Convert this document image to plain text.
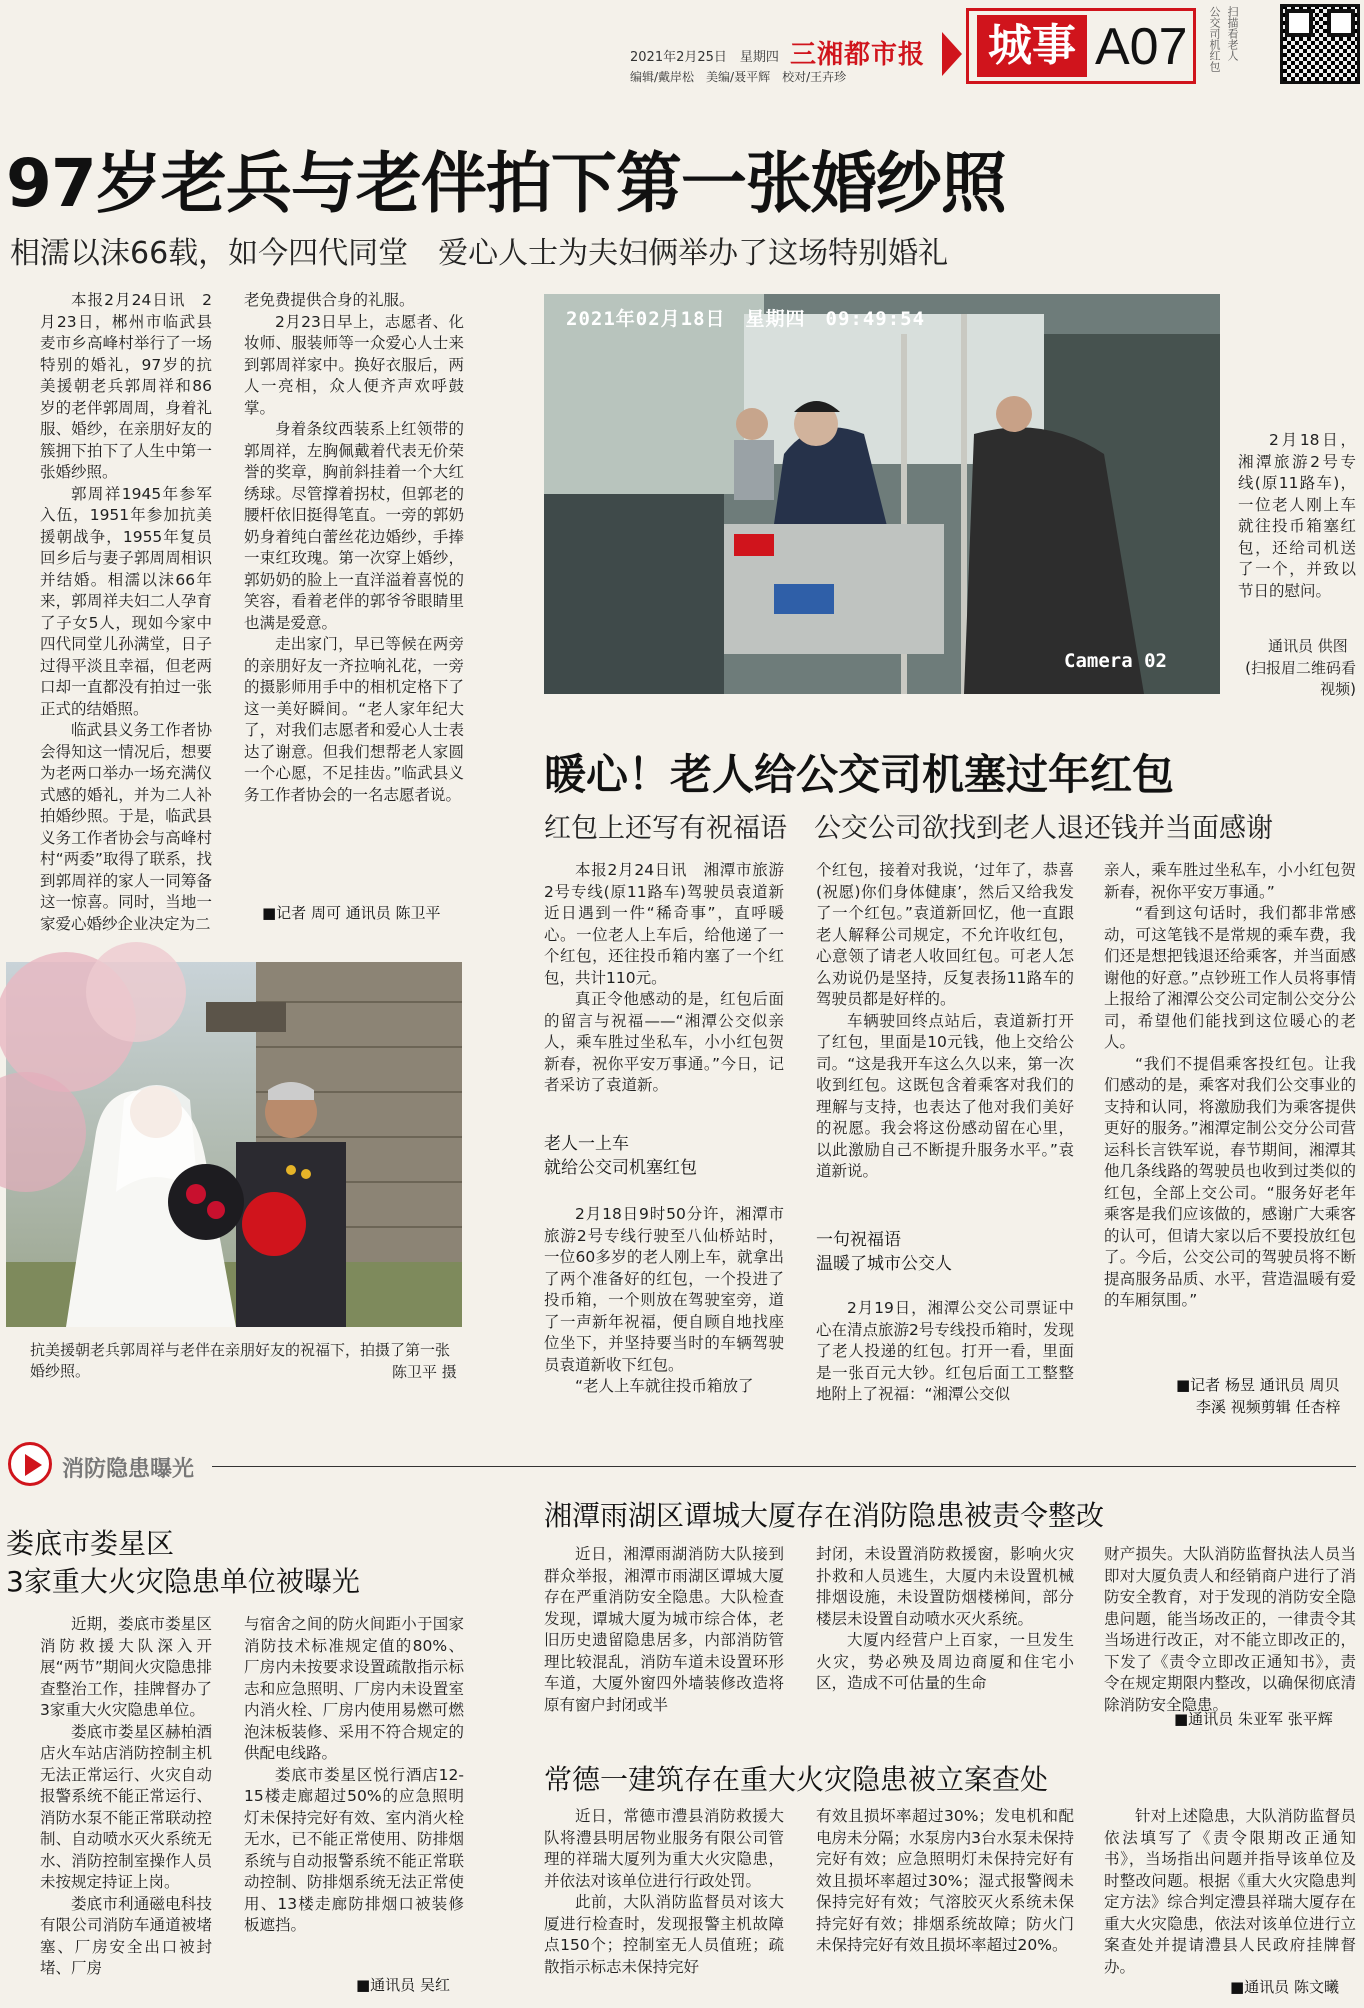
2021年2月25日　星期四
编辑/戴岸松　美编/聂平辉　校对/王卉珍
三湘都市报 城事 A07 公交司机红包 扫描看老人
97岁老兵与老伴拍下第一张婚纱照
相濡以沫66载，如今四代同堂　爱心人士为夫妇俩举办了这场特别婚礼

本报2月24日讯　2月23日，郴州市临武县麦市乡高峰村举行了一场特别的婚礼，97岁的抗美援朝老兵郭周祥和86岁的老伴郭周周，身着礼服、婚纱，在亲朋好友的簇拥下拍下了人生中第一张婚纱照。

郭周祥1945年参军入伍，1951年参加抗美援朝战争，1955年复员回乡后与妻子郭周周相识并结婚。相濡以沫66年来，郭周祥夫妇二人孕育了子女5人，现如今家中四代同堂儿孙满堂，日子过得平淡且幸福，但老两口却一直都没有拍过一张正式的结婚照。

临武县义务工作者协会得知这一情况后，想要为老两口举办一场充满仪式感的婚礼，并为二人补拍婚纱照。于是，临武县义务工作者协会与高峰村村“两委”取得了联系，找到郭周祥的家人一同筹备这一惊喜。同时，当地一家爱心婚纱企业决定为二

老免费提供合身的礼服。

2月23日早上，志愿者、化妆师、服装师等一众爱心人士来到郭周祥家中。换好衣服后，两人一亮相，众人便齐声欢呼鼓掌。

身着条纹西装系上红领带的郭周祥，左胸佩戴着代表无价荣誉的奖章，胸前斜挂着一个大红绣球。尽管撑着拐杖，但郭老的腰杆依旧挺得笔直。一旁的郭奶奶身着纯白蕾丝花边婚纱，手捧一束红玫瑰。第一次穿上婚纱，郭奶奶的脸上一直洋溢着喜悦的笑容，看着老伴的郭爷爷眼睛里也满是爱意。

走出家门，早已等候在两旁的亲朋好友一齐拉响礼花，一旁的摄影师用手中的相机定格下了这一美好瞬间。“老人家年纪大了，对我们志愿者和爱心人士表达了谢意。但我们想帮老人家圆一个心愿，不足挂齿。”临武县义务工作者协会的一名志愿者说。

■记者 周可 通讯员 陈卫平
抗美援朝老兵郭周祥与老伴在亲朋好友的祝福下，拍摄了第一张婚纱照。	陈卫平 摄
2021年02月18日　星期四　09:49:54
Camera 02
2月18日，湘潭旅游2号专线(原11路车)，一位老人刚上车就往投币箱塞红包，还给司机送了一个，并致以节日的慰问。
通讯员 供图
(扫报眉二维码看视频)
暖心！老人给公交司机塞过年红包
红包上还写有祝福语　公交公司欲找到老人退还钱并当面感谢

本报2月24日讯　湘潭市旅游2号专线(原11路车)驾驶员袁道新近日遇到一件“稀奇事”，直呼暖心。一位老人上车后，给他递了一个红包，还往投币箱内塞了一个红包，共计110元。

真正令他感动的是，红包后面的留言与祝福——“湘潭公交似亲人，乘车胜过坐私车，小小红包贺新春，祝你平安万事通。”今日，记者采访了袁道新。

老人一上车
就给公交司机塞红包

2月18日9时50分许，湘潭市旅游2号专线行驶至八仙桥站时，一位60多岁的老人刚上车，就拿出了两个准备好的红包，一个投进了投币箱，一个则放在驾驶室旁，道了一声新年祝福，便自顾自地找座位坐下，并坚持要当时的车辆驾驶员袁道新收下红包。

“老人上车就往投币箱放了

个红包，接着对我说，‘过年了，恭喜(祝愿)你们身体健康’，然后又给我发了一个红包。”袁道新回忆，他一直跟老人解释公司规定，不允许收红包，心意领了请老人收回红包。可老人怎么劝说仍是坚持，反复表扬11路车的驾驶员都是好样的。

车辆驶回终点站后，袁道新打开了红包，里面是10元钱，他上交给公司。“这是我开车这么久以来，第一次收到红包。这既包含着乘客对我们的理解与支持，也表达了他对我们美好的祝愿。我会将这份感动留在心里，以此激励自己不断提升服务水平。”袁道新说。

一句祝福语
温暖了城市公交人

2月19日，湘潭公交公司票证中心在清点旅游2号专线投币箱时，发现了老人投递的红包。打开一看，里面是一张百元大钞。红包后面工工整整地附上了祝福：“湘潭公交似

亲人，乘车胜过坐私车，小小红包贺新春，祝你平安万事通。”

“看到这句话时，我们都非常感动，可这笔钱不是常规的乘车费，我们还是想把钱退还给乘客，并当面感谢他的好意。”点钞班工作人员将事情上报给了湘潭公交公司定制公交分公司，希望他们能找到这位暖心的老人。

“我们不提倡乘客投红包。让我们感动的是，乘客对我们公交事业的支持和认同，将激励我们为乘客提供更好的服务。”湘潭定制公交分公司营运科长言铁军说，春节期间，湘潭其他几条线路的驾驶员也收到过类似的红包，全部上交公司。“服务好老年乘客是我们应该做的，感谢广大乘客的认可，但请大家以后不要投放红包了。今后，公交公司的驾驶员将不断提高服务品质、水平，营造温暖有爱的车厢氛围。”

■记者 杨昱 通讯员 周贝
李溪 视频剪辑 任杏梓
消防隐患曝光
娄底市娄星区
3家重大火灾隐患单位被曝光

近期，娄底市娄星区消防救援大队深入开展“两节”期间火灾隐患排查整治工作，挂牌督办了3家重大火灾隐患单位。

娄底市娄星区赫柏酒店火车站店消防控制主机无法正常运行、火灾自动报警系统不能正常运行、消防水泵不能正常联动控制、自动喷水灭火系统无水、消防控制室操作人员未按规定持证上岗。

娄底市利通磁电科技有限公司消防车通道被堵塞、厂房安全出口被封堵、厂房

与宿舍之间的防火间距小于国家消防技术标准规定值的80%、厂房内未按要求设置疏散指示标志和应急照明、厂房内未设置室内消火栓、厂房内使用易燃可燃泡沫板装修、采用不符合规定的供配电线路。

娄底市娄星区悦行酒店12-15楼走廊超过50%的应急照明灯未保持完好有效、室内消火栓无水，已不能正常使用、防排烟系统与自动报警系统不能正常联动控制、防排烟系统无法正常使用、13楼走廊防排烟口被装修板遮挡。

■通讯员 吴红
湘潭雨湖区谭城大厦存在消防隐患被责令整改

近日，湘潭雨湖消防大队接到群众举报，湘潭市雨湖区谭城大厦存在严重消防安全隐患。大队检查发现，谭城大厦为城市综合体，老旧历史遗留隐患居多，内部消防管理比较混乱，消防车道未设置环形车道，大厦外窗四外墙装修改造将原有窗户封闭或半

封闭，未设置消防救援窗，影响火灾扑救和人员逃生，大厦内未设置机械排烟设施，未设置防烟楼梯间，部分楼层未设置自动喷水灭火系统。

大厦内经营户上百家，一旦发生火灾，势必殃及周边商厦和住宅小区，造成不可估量的生命

财产损失。大队消防监督执法人员当即对大厦负责人和经销商户进行了消防安全教育，对于发现的消防安全隐患问题，能当场改正的，一律责令其当场进行改正，对不能立即改正的，下发了《责令立即改正通知书》，责令在规定期限内整改，以确保彻底清除消防安全隐患。

■通讯员 朱亚军 张平辉
常德一建筑存在重大火灾隐患被立案查处

近日，常德市澧县消防救援大队将澧县明居物业服务有限公司管理的祥瑞大厦列为重大火灾隐患，并依法对该单位进行行政处罚。

此前，大队消防监督员对该大厦进行检查时，发现报警主机故障点150个；控制室无人员值班；疏散指示标志未保持完好

有效且损坏率超过30%；发电机和配电房未分隔；水泵房内3台水泵未保持完好有效；应急照明灯未保持完好有效且损坏率超过30%；湿式报警阀未保持完好有效；气溶胶灭火系统未保持完好有效；排烟系统故障；防火门未保持完好有效且损坏率超过20%。

针对上述隐患，大队消防监督员依法填写了《责令限期改正通知书》，当场指出问题并指导该单位及时整改问题。根据《重大火灾隐患判定方法》综合判定澧县祥瑞大厦存在重大火灾隐患，依法对该单位进行立案查处并提请澧县人民政府挂牌督办。

■通讯员 陈文曦
